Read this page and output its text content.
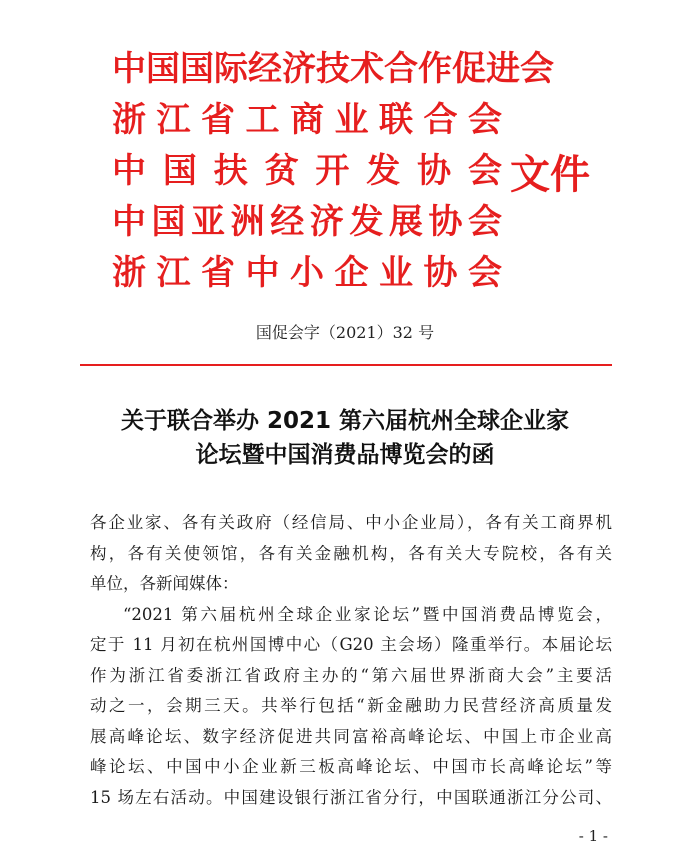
中国国际经济技术合作促进会
浙江省工商业联合会
中国扶贫开发协会
中国亚洲经济发展协会
浙江省中小企业协会
文件
国促会字（2021）32 号
关于联合举办 2021 第六届杭州全球企业家
论坛暨中国消费品博览会的函
各企业家、各有关政府（经信局、中小企业局），各有关工商界机
构，各有关使领馆，各有关金融机构，各有关大专院校，各有关
单位，各新闻媒体：
“2021 第六届杭州全球企业家论坛”暨中国消费品博览会，
定于 11 月初在杭州国博中心（G20 主会场）隆重举行。本届论坛
作为浙江省委浙江省政府主办的“第六届世界浙商大会”主要活
动之一，会期三天。共举行包括“新金融助力民营经济高质量发
展高峰论坛、数字经济促进共同富裕高峰论坛、中国上市企业高
峰论坛、中国中小企业新三板高峰论坛、中国市长高峰论坛”等
15 场左右活动。中国建设银行浙江省分行，中国联通浙江分公司、
- 1 -
